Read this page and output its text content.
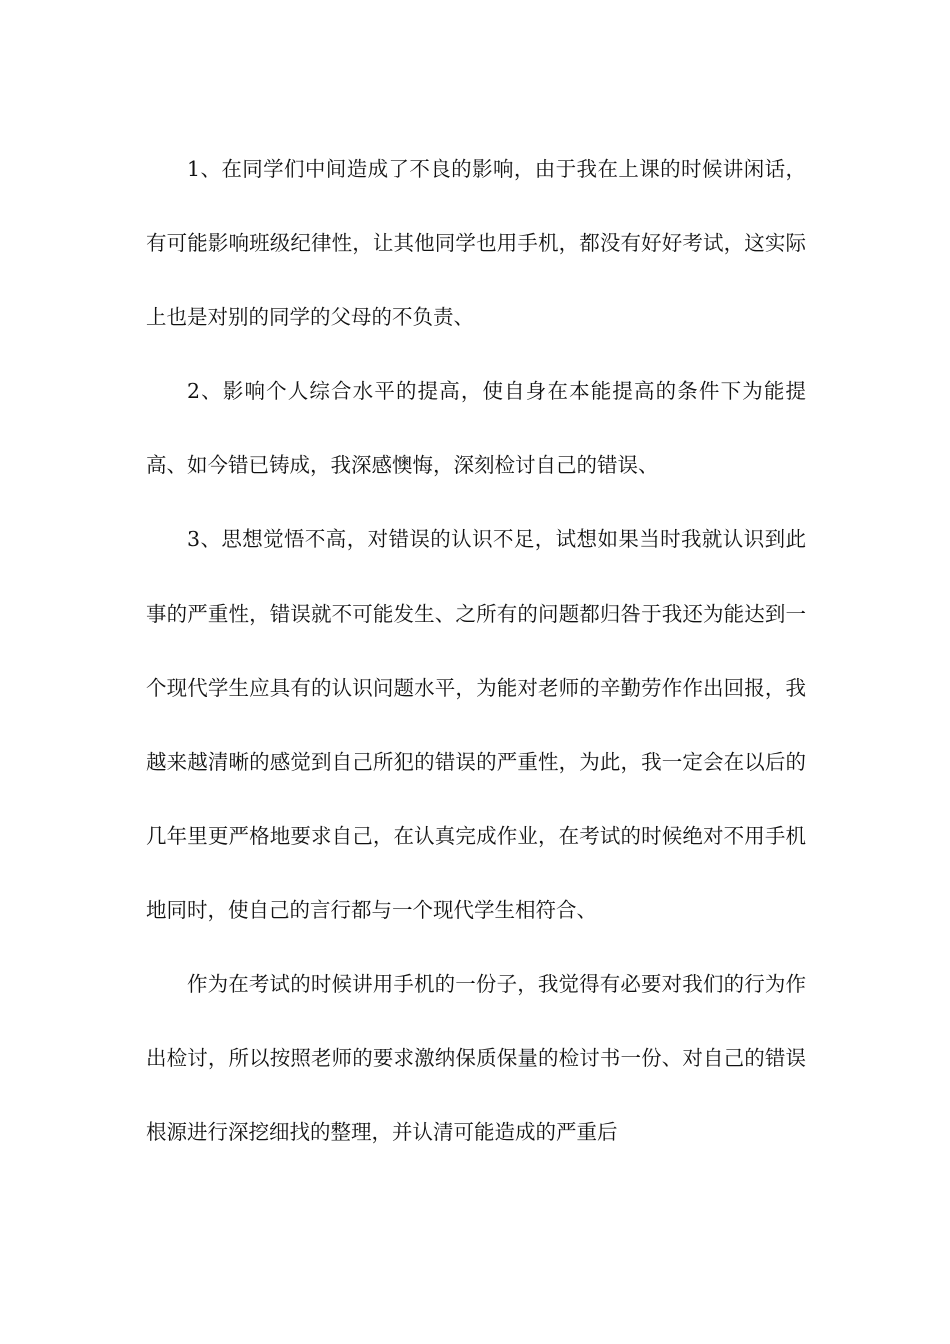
1、在同学们中间造成了不良的影响，由于我在上课的时候讲闲话，有可能影响班级纪律性，让其他同学也用手机，都没有好好考试，这实际上也是对别的同学的父母的不负责、

2、影响个人综合水平的提高，使自身在本能提高的条件下为能提高、如今错已铸成，我深感懊悔，深刻检讨自己的错误、

3、思想觉悟不高，对错误的认识不足，试想如果当时我就认识到此事的严重性，错误就不可能发生、之所有的问题都归咎于我还为能达到一个现代学生应具有的认识问题水平，为能对老师的辛勤劳作作出回报，我越来越清晰的感觉到自己所犯的错误的严重性，为此，我一定会在以后的几年里更严格地要求自己，在认真完成作业，在考试的时候绝对不用手机地同时，使自己的言行都与一个现代学生相符合、

作为在考试的时候讲用手机的一份子，我觉得有必要对我们的行为作出检讨，所以按照老师的要求激纳保质保量的检讨书一份、对自己的错误根源进行深挖细找的整理，并认清可能造成的严重后
